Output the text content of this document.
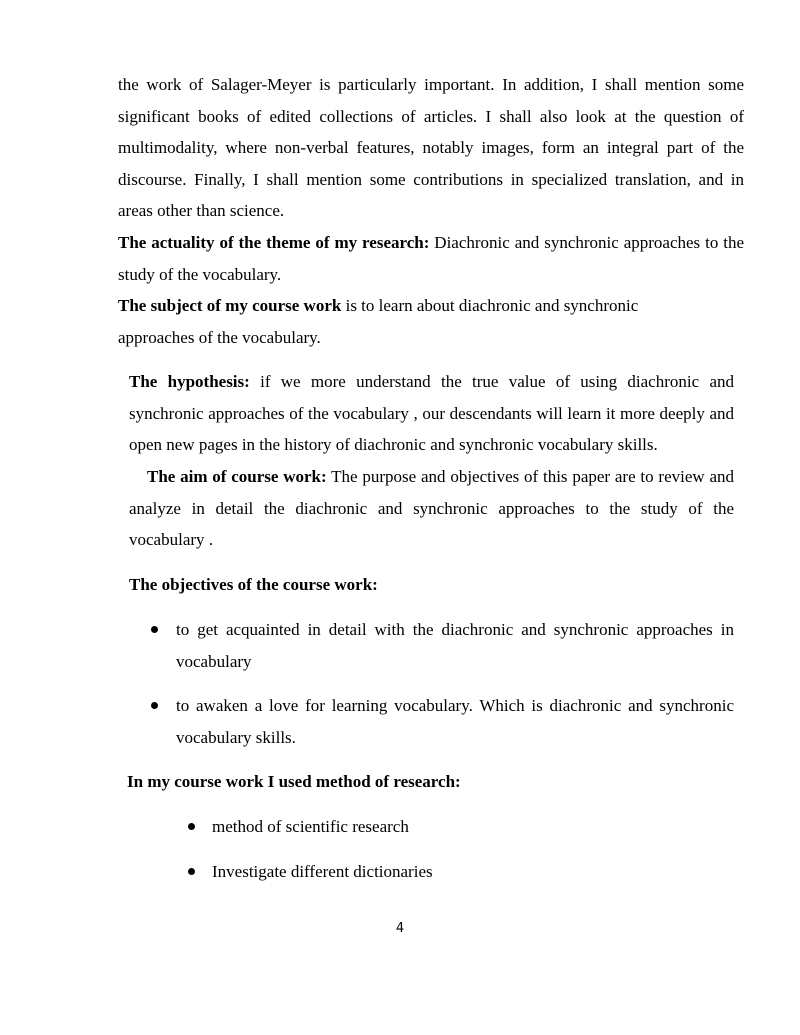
the work of Salager-Meyer is particularly important. In addition, I shall mention some significant books of edited collections of articles. I shall also look at the question of multimodality, where non-verbal features, notably images, form an integral part of the discourse. Finally, I shall mention some contributions in specialized translation, and in areas other than science.

The actuality of the theme of my research: Diachronic and synchronic approaches to the study of the vocabulary.

The subject of my course work is to learn about diachronic and synchronic approaches of the vocabulary.

The hypothesis: if we more understand the true value of using diachronic and synchronic approaches of the vocabulary , our descendants will learn it more deeply and open new pages in the history of diachronic and synchronic vocabulary skills.

The aim of course work: The purpose and objectives of this paper are to review and analyze in detail the diachronic and synchronic approaches to the study of the vocabulary .

The objectives of the course work:

to get acquainted in detail with the diachronic and synchronic approaches in vocabulary

to awaken a love for learning vocabulary. Which is diachronic and synchronic vocabulary skills.

In my course work I used method of research:

method of scientific research

Investigate different dictionaries

4
